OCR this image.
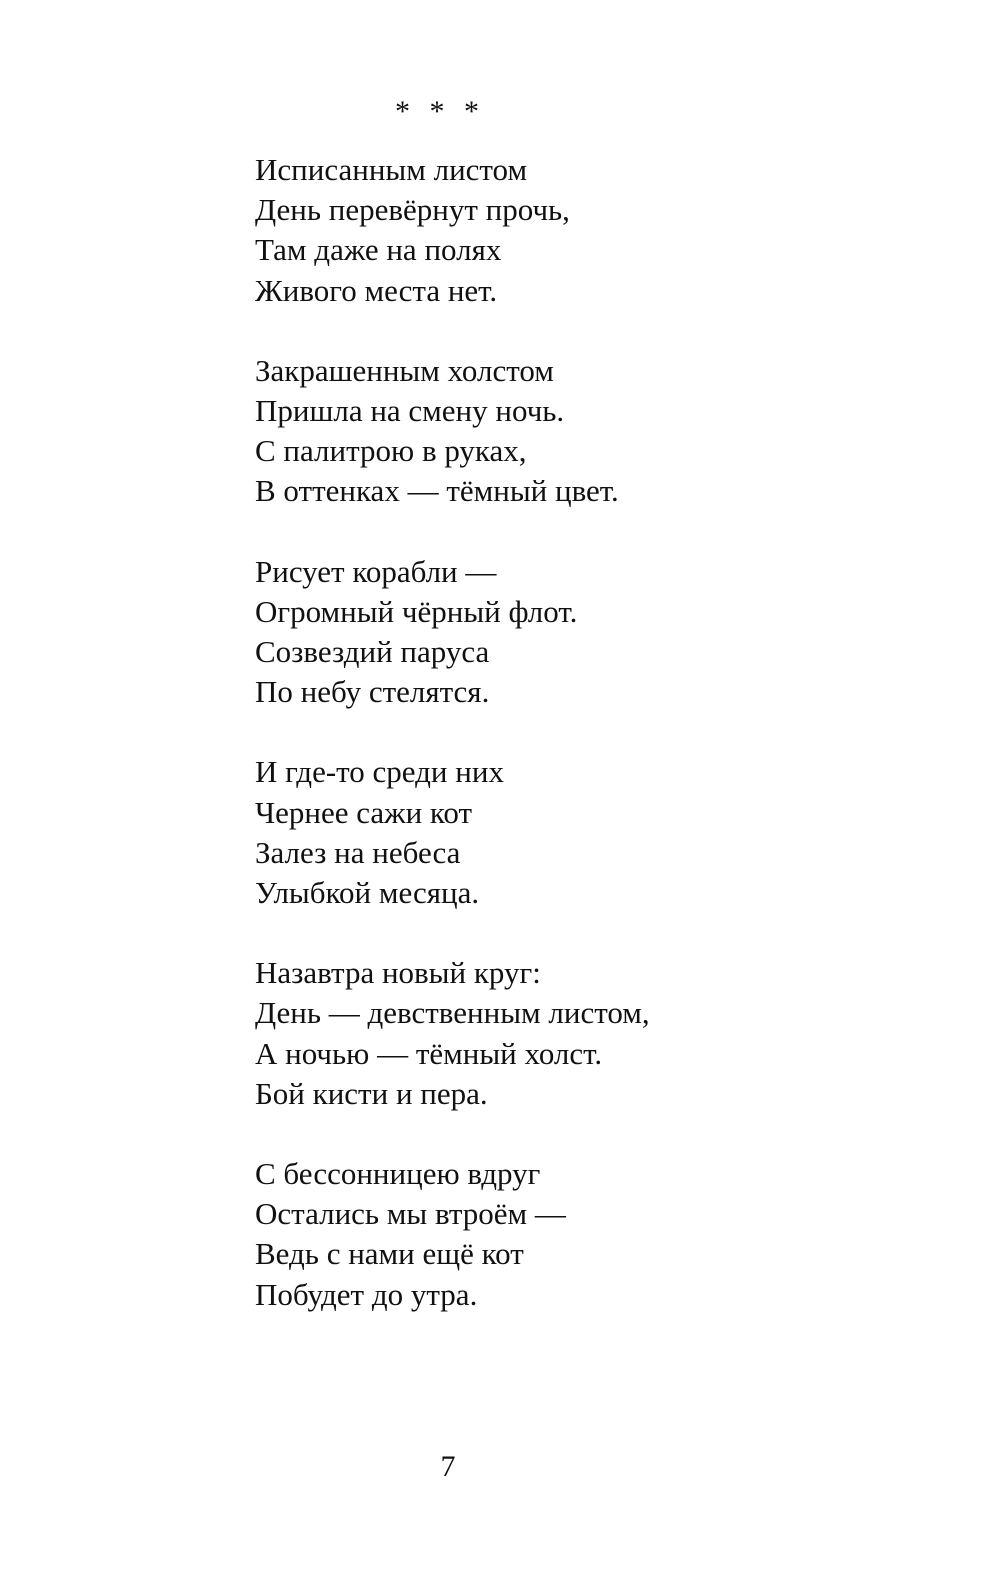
* * *
Исписанным листом
День перевёрнут прочь,
Там даже на полях
Живого места нет.
Закрашенным холстом
Пришла на смену ночь.
С палитрою в руках,
В оттенках — тёмный цвет.
Рисует корабли —
Огромный чёрный флот.
Созвездий паруса
По небу стелятся.
И где-то среди них
Чернее сажи кот
Залез на небеса
Улыбкой месяца.
Назавтра новый круг:
День — девственным листом,
А ночью — тёмный холст.
Бой кисти и пера.
С бессонницею вдруг
Остались мы втроём —
Ведь с нами ещё кот
Побудет до утра.
7
